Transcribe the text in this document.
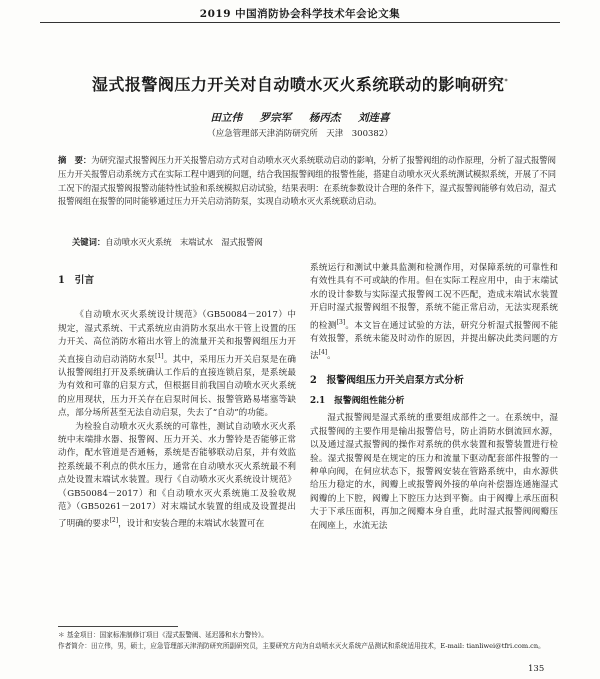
2019 中国消防协会科学技术年会论文集
湿式报警阀压力开关对自动喷水灭火系统联动的影响研究*
田立伟 罗宗军 杨丙杰 刘连喜
（应急管理部天津消防研究所　天津　300382）
摘　要：为研究湿式报警阀压力开关报警启动方式对自动喷水灭火系统联动启动的影响，分析了报警阀组的动作原理，分析了湿式报警阀压力开关报警启动系统方式在实际工程中遇到的问题，结合我国报警阀组的报警性能，搭建自动喷水灭火系统测试模拟系统，开展了不同工况下的湿式报警阀报警动能特性试验和系统模拟启动试验，结果表明：在系统参数设计合理的条件下，湿式报警阀能够有效启动，湿式报警阀组在报警的同时能够通过压力开关启动消防泵，实现自动喷水灭火系统联动启动。
关键词：自动喷水灭火系统　末端试水　湿式报警阀

1　引言

《自动喷水灭火系统设计规范》（GB50084－2017）中规定，湿式系统、干式系统应由消防水泵出水干管上设置的压力开关、高位消防水箱出水管上的流量开关和报警阀组压力开关直接自动启动消防水泵[1]。其中，采用压力开关启泵是在确认报警阀组打开及系统确认工作后的直接连锁启泵，是系统最为有效和可靠的启泵方式，但根据目前我国自动喷水灭火系统的应用现状，压力开关存在启泵时间长、报警管路易堵塞等缺点，部分场所甚至无法自动启泵，失去了“自动”的功能。

为检验自动喷水灭火系统的可靠性，测试自动喷水灭火系统中末端排水器、报警阀、压力开关、水力警铃是否能够正常动作，配水管道是否通畅，系统是否能够联动启泵，并有效监控系统最不利点的供水压力，通常在自动喷水灭火系统最不利点处设置末端试水装置。现行《自动喷水灭火系统设计规范》（GB50084－2017）和《自动喷水灭火系统施工及验收规范》（GB50261－2017）对末端试水装置的组成及设置提出了明确的要求[2]，设计和安装合理的末端试水装置可在

系统运行和测试中兼具监测和检测作用，对保障系统的可靠性和有效性具有不可或缺的作用。但在实际工程应用中，由于末端试水的设计参数与实际湿式报警阀工况不匹配，造成末端试水装置开启时湿式报警阀组不报警，系统不能正常启动，无法实现系统的检测[3]。本文旨在通过试验的方法，研究分析湿式报警阀不能有效报警，系统未能及时动作的原因，并提出解决此类问题的方法[4]。

2　报警阀组压力开关启泵方式分析

2.1　报警阀组性能分析

湿式报警阀是湿式系统的重要组成部件之一。在系统中，湿式报警阀的主要作用是输出报警信号，防止消防水倒流回水源，以及通过湿式报警阀的操作对系统的供水装置和报警装置进行检验。湿式报警阀是在规定的压力和流量下驱动配套部件报警的一种单向阀，在伺应状态下，报警阀安装在管路系统中，由水源供给压力稳定的水，阀瓣上或报警阀外接的单向补偿器连通施湿式阀瓣的上下腔，阀瓣上下腔压力达到平衡。由于阀瓣上承压面积大于下承压面积，再加之阀瓣本身自重，此时湿式报警阀阀瓣压在阀座上，水流无法

＊ 基金项目：国家标准制修订项目《湿式报警阀、延迟器和水力警铃》。

作者简介：田立伟，男，硕士，应急管理部天津消防研究所副研究员，主要研究方向为自动喷水灭火系统产品测试和系统适用技术，E-mail: tianliwei@tfri.com.cn。

135
